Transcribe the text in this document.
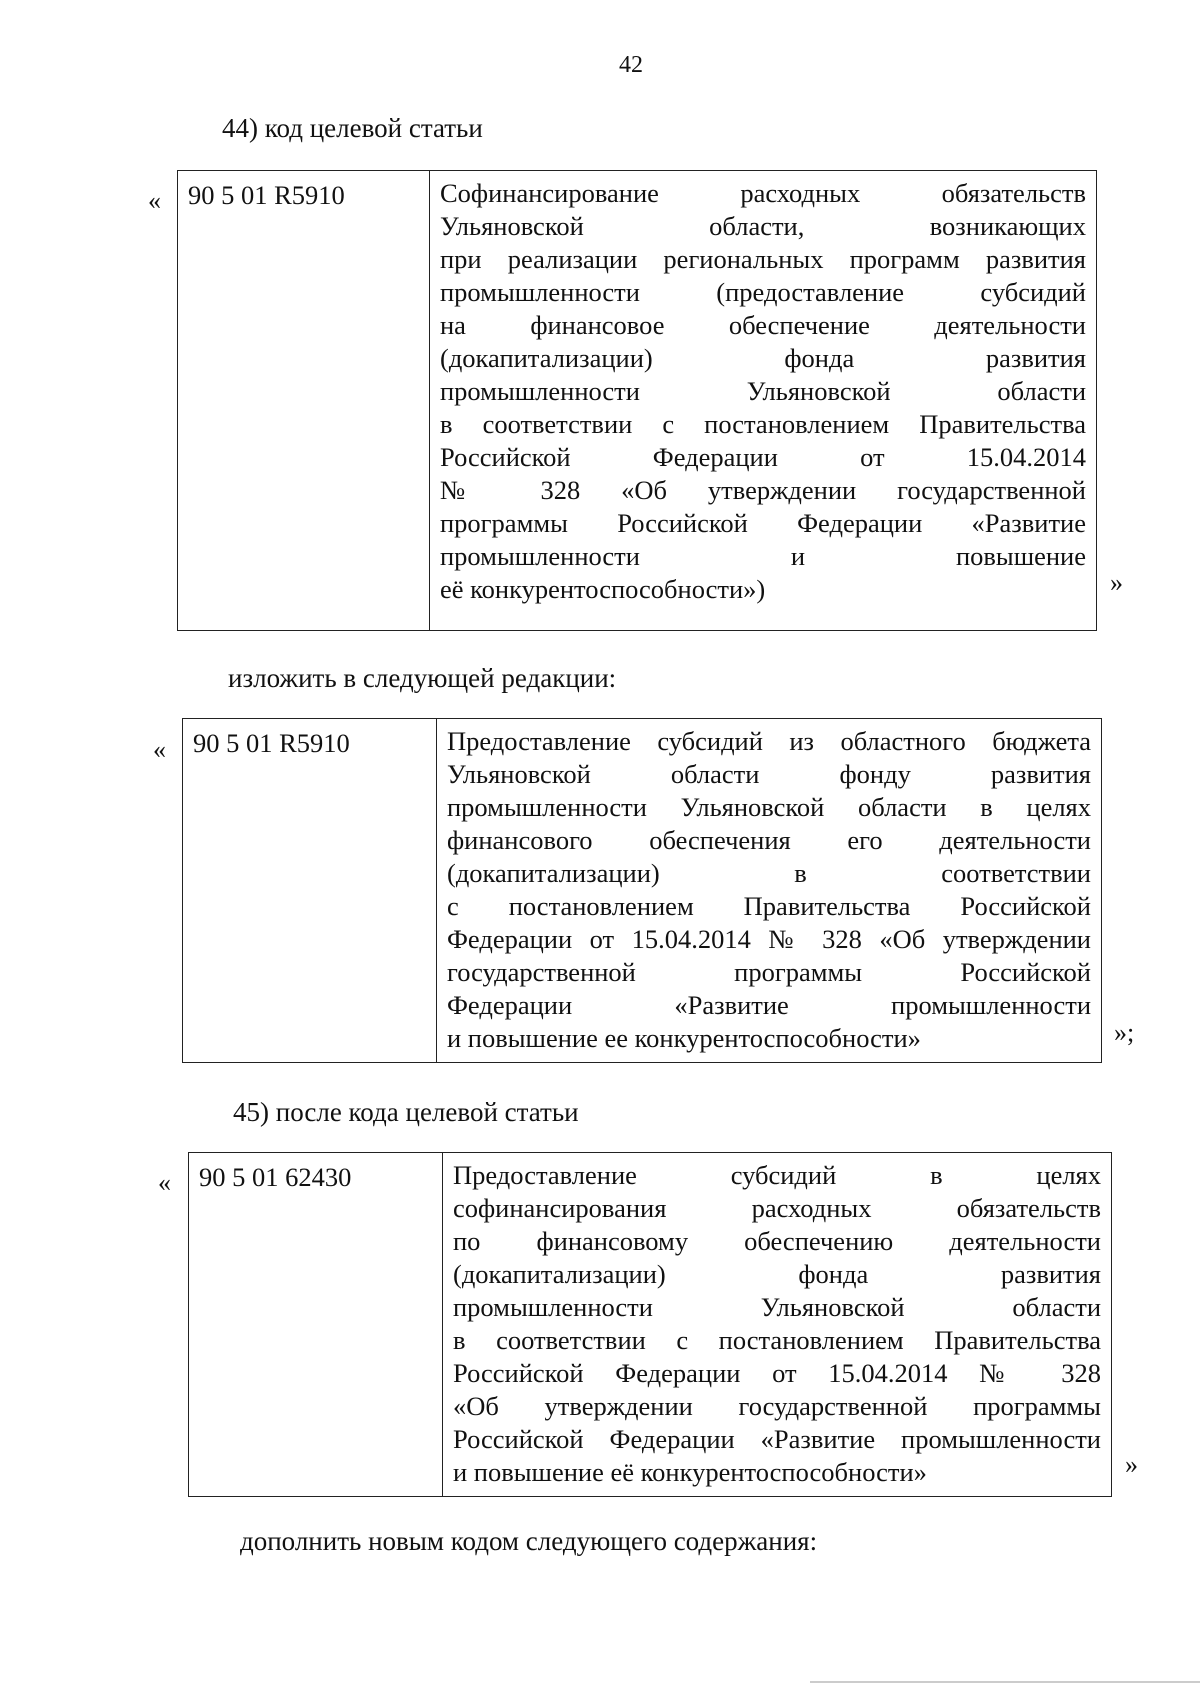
42
44) код целевой статьи
« 90 5 01 R5910	Софинансирование расходных обязательств
Ульяновской области, возникающих
при реализации региональных программ развития
промышленности (предоставление субсидий
на финансовое обеспечение деятельности
(докапитализации) фонда развития
промышленности Ульяновской области
в соответствии с постановлением Правительства
Российской Федерации от 15.04.2014
№ 328 «Об утверждении государственной
программы Российской Федерации «Развитие
промышленности и повышение
её конкурентоспособности»)	»
изложить в следующей редакции:
« 90 5 01 R5910	Предоставление субсидий из областного бюджета
Ульяновской области фонду развития
промышленности Ульяновской области в целях
финансового обеспечения его деятельности
(докапитализации) в соответствии
с постановлением Правительства Российской
Федерации от 15.04.2014 № 328 «Об утверждении
государственной программы Российской
Федерации «Развитие промышленности
и повышение ее конкурентоспособности»	»;
45) после кода целевой статьи
« 90 5 01 62430	Предоставление субсидий в целях
софинансирования расходных обязательств
по финансовому обеспечению деятельности
(докапитализации) фонда развития
промышленности Ульяновской области
в соответствии с постановлением Правительства
Российской Федерации от 15.04.2014 № 328
«Об утверждении государственной программы
Российской Федерации «Развитие промышленности
и повышение её конкурентоспособности»	»
дополнить новым кодом следующего содержания:
